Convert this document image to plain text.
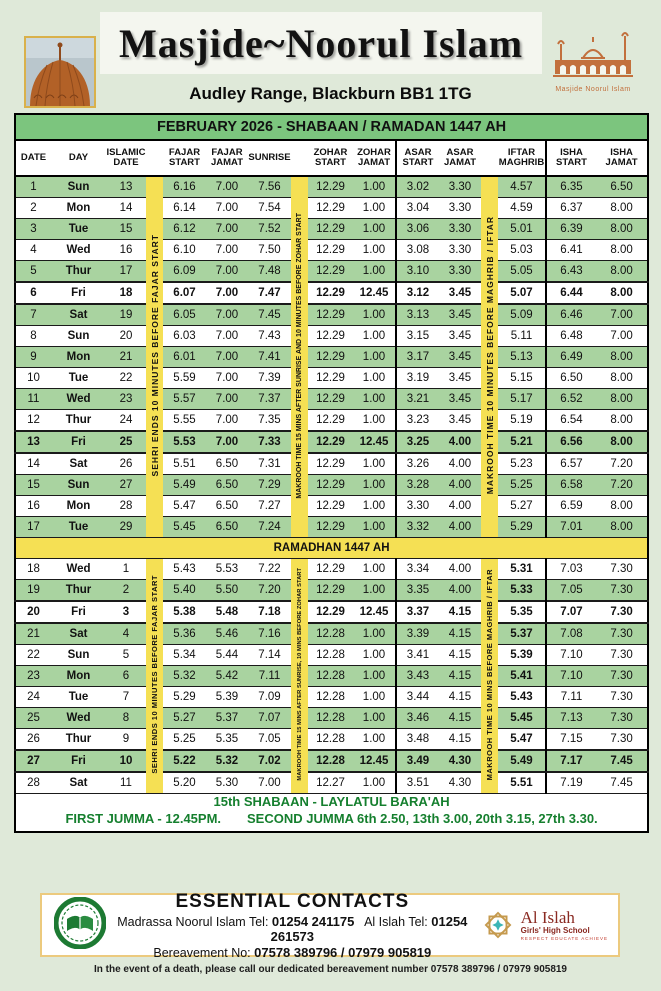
Masjide~Noorul Islam
Masjide Noorul Islam
Audley Range, Blackburn BB1 1TG
FEBRUARY 2026 - SHABAAN / RAMADAN 1447 AH															
DATE	DAY	ISLAMIC DATE		FAJAR START	FAJAR JAMAT	SUNRISE		ZOHAR START	ZOHAR JAMAT	ASAR START	ASAR JAMAT		IFTAR MAGHRIB	ISHA START	ISHA JAMAT
1	Sun	13	SEHRI ENDS 10 MINUTES BEFORE FAJAR START	6.16	7.00	7.56	MAKROOH TIME 15 MINS AFTER SUNRISE AND 10 MINUTES BEFORE ZOHAR START	12.29	1.00	3.02	3.30	MAKROOH TIME 10 MINUTES BEFORE MAGHRIB / IFTAR	4.57	6.35	6.50
2	Mon	14		6.14	7.00	7.54		12.29	1.00	3.04	3.30		4.59	6.37	8.00
3	Tue	15		6.12	7.00	7.52		12.29	1.00	3.06	3.30		5.01	6.39	8.00
4	Wed	16		6.10	7.00	7.50		12.29	1.00	3.08	3.30		5.03	6.41	8.00
5	Thur	17		6.09	7.00	7.48		12.29	1.00	3.10	3.30		5.05	6.43	8.00
6	Fri	18		6.07	7.00	7.47		12.29	12.45	3.12	3.45		5.07	6.44	8.00
7	Sat	19		6.05	7.00	7.45		12.29	1.00	3.13	3.45		5.09	6.46	7.00
8	Sun	20		6.03	7.00	7.43		12.29	1.00	3.15	3.45		5.11	6.48	7.00
9	Mon	21		6.01	7.00	7.41		12.29	1.00	3.17	3.45		5.13	6.49	8.00
10	Tue	22		5.59	7.00	7.39		12.29	1.00	3.19	3.45		5.15	6.50	8.00
11	Wed	23		5.57	7.00	7.37		12.29	1.00	3.21	3.45		5.17	6.52	8.00
12	Thur	24		5.55	7.00	7.35		12.29	1.00	3.23	3.45		5.19	6.54	8.00
13	Fri	25		5.53	7.00	7.33		12.29	12.45	3.25	4.00		5.21	6.56	8.00
14	Sat	26		5.51	6.50	7.31		12.29	1.00	3.26	4.00		5.23	6.57	7.20
15	Sun	27		5.49	6.50	7.29		12.29	1.00	3.28	4.00		5.25	6.58	7.20
16	Mon	28		5.47	6.50	7.27		12.29	1.00	3.30	4.00		5.27	6.59	8.00
17	Tue	29		5.45	6.50	7.24		12.29	1.00	3.32	4.00		5.29	7.01	8.00
RAMADHAN 1447 AH															
18	Wed	1	SEHRI ENDS 10 MINUTES BEFORE FAJAR START	5.43	5.53	7.22	MAKROOH TIME 15 MINS AFTER SUNRISE, 10 MINS BEFORE ZOHAR START	12.29	1.00	3.34	4.00	MAKROOH TIME 10 MINS BEFORE MAGHRIB / IFTAR	5.31	7.03	7.30
19	Thur	2		5.40	5.50	7.20		12.29	1.00	3.35	4.00		5.33	7.05	7.30
20	Fri	3		5.38	5.48	7.18		12.29	12.45	3.37	4.15		5.35	7.07	7.30
21	Sat	4		5.36	5.46	7.16		12.28	1.00	3.39	4.15		5.37	7.08	7.30
22	Sun	5		5.34	5.44	7.14		12.28	1.00	3.41	4.15		5.39	7.10	7.30
23	Mon	6		5.32	5.42	7.11		12.28	1.00	3.43	4.15		5.41	7.10	7.30
24	Tue	7		5.29	5.39	7.09		12.28	1.00	3.44	4.15		5.43	7.11	7.30
25	Wed	8		5.27	5.37	7.07		12.28	1.00	3.46	4.15		5.45	7.13	7.30
26	Thur	9		5.25	5.35	7.05		12.28	1.00	3.48	4.15		5.47	7.15	7.30
27	Fri	10		5.22	5.32	7.02		12.28	12.45	3.49	4.30		5.49	7.17	7.45
28	Sat	11		5.20	5.30	7.00		12.27	1.00	3.51	4.30		5.51	7.19	7.45

15th SHABAAN - LAYLATUL BARA'AH
FIRST JUMMA - 12.45PM. SECOND JUMMA 6th 2.50, 13th 3.00, 20th 3.15, 27th 3.30.															
ESSENTIAL CONTACTS
Madrassa Noorul Islam Tel: 01254 241175 Al Islah Tel: 01254 261573
Bereavement No: 07578 389796 / 07979 905819
Al Islah
Girls' High School
RESPECT EDUCATE ACHIEVE
In the event of a death, please call our dedicated bereavement number 07578 389796 / 07979 905819
